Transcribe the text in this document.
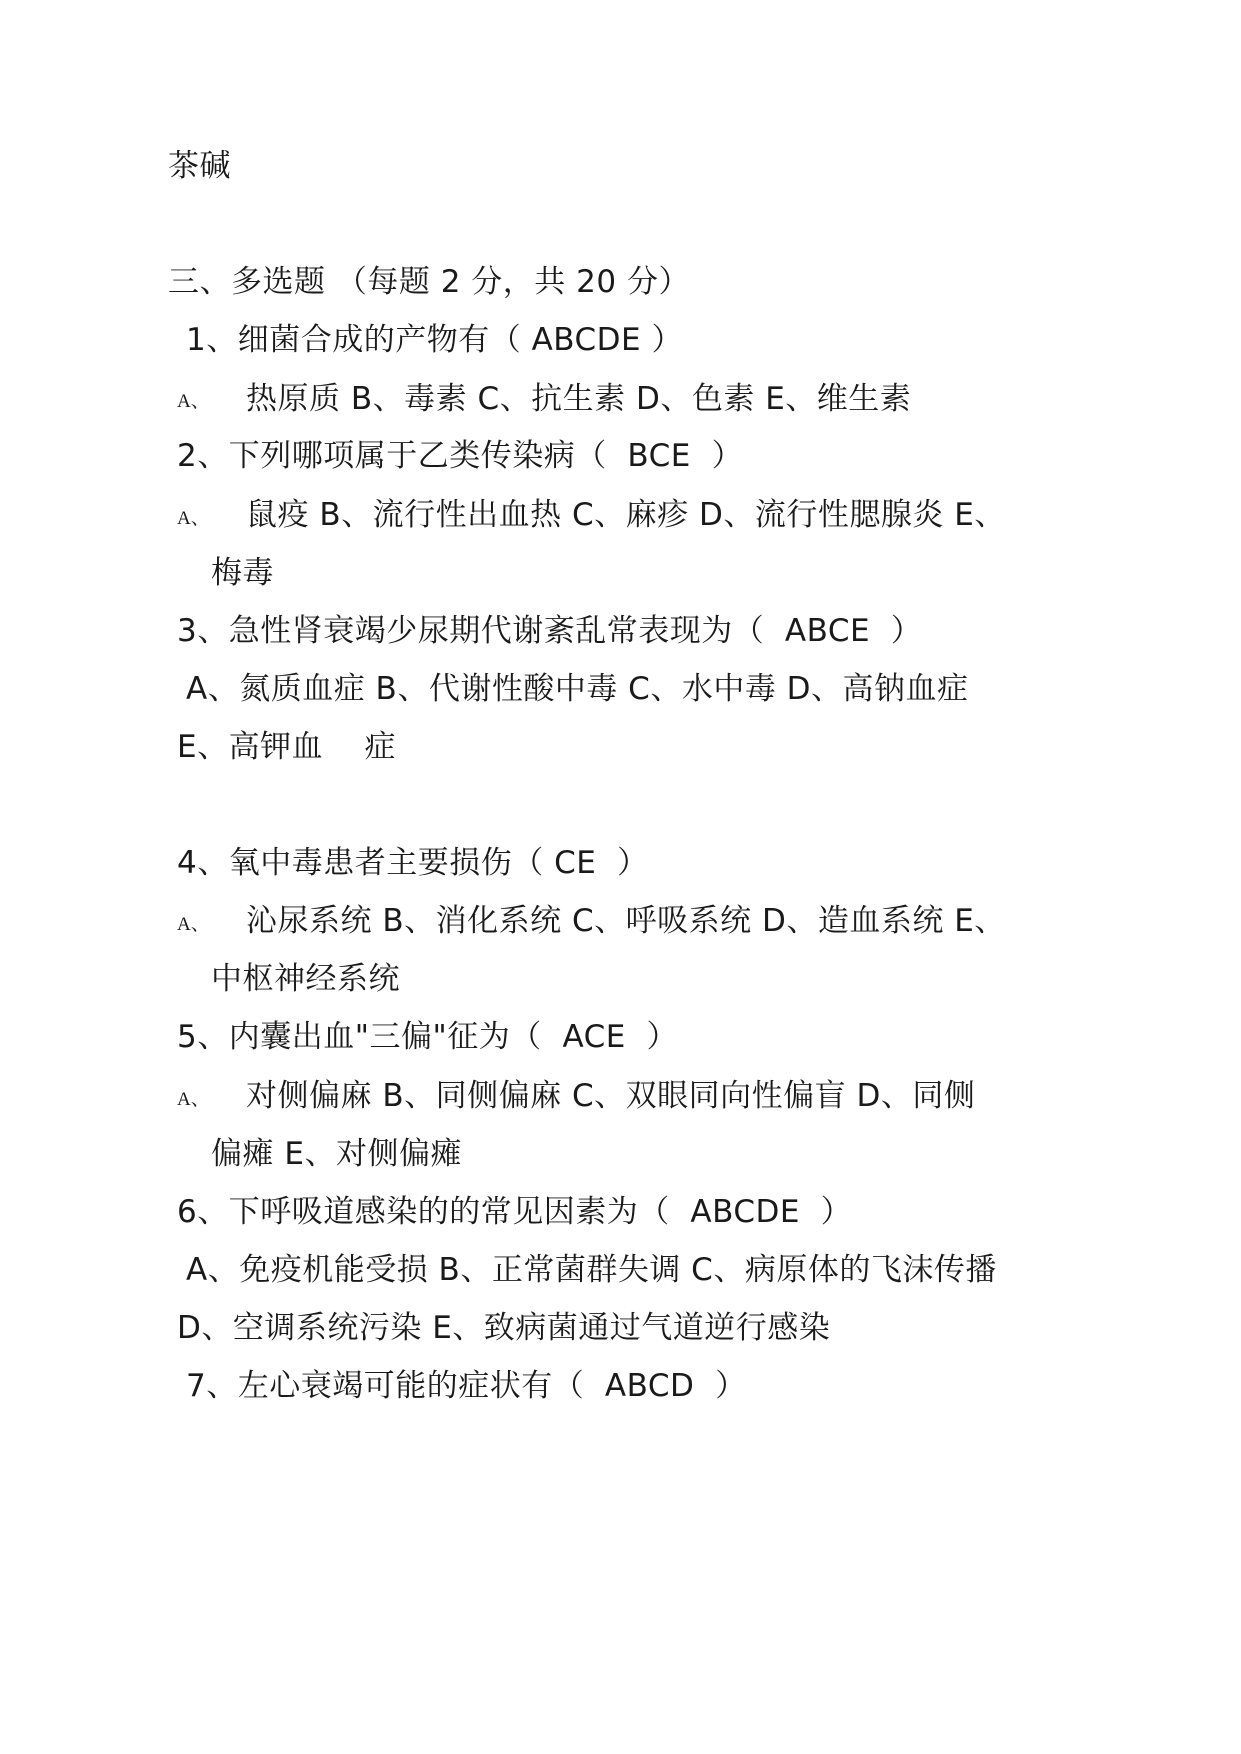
茶碱
三、多选题 （每题 2 分，共 20 分）
1、细菌合成的产物有（ ABCDE ）
A、 热原质 B、毒素 C、抗生素 D、色素 E、维生素
2、下列哪项属于乙类传染病（  BCE  ）
A、 鼠疫 B、流行性出血热 C、麻疹 D、流行性腮腺炎 E、
梅毒
3、急性肾衰竭少尿期代谢紊乱常表现为（  ABCE  ）
A、氮质血症 B、代谢性酸中毒 C、水中毒 D、高钠血症
E、高钾血    症
4、氧中毒患者主要损伤（ CE  ）
A、 沁尿系统 B、消化系统 C、呼吸系统 D、造血系统 E、
中枢神经系统
5、内囊出血"三偏"征为（  ACE  ）
A、 对侧偏麻 B、同侧偏麻 C、双眼同向性偏盲 D、同侧
偏瘫 E、对侧偏瘫
6、下呼吸道感染的的常见因素为（  ABCDE  ）
A、免疫机能受损 B、正常菌群失调 C、病原体的飞沫传播
D、空调系统污染 E、致病菌通过气道逆行感染
7、左心衰竭可能的症状有（  ABCD  ）
